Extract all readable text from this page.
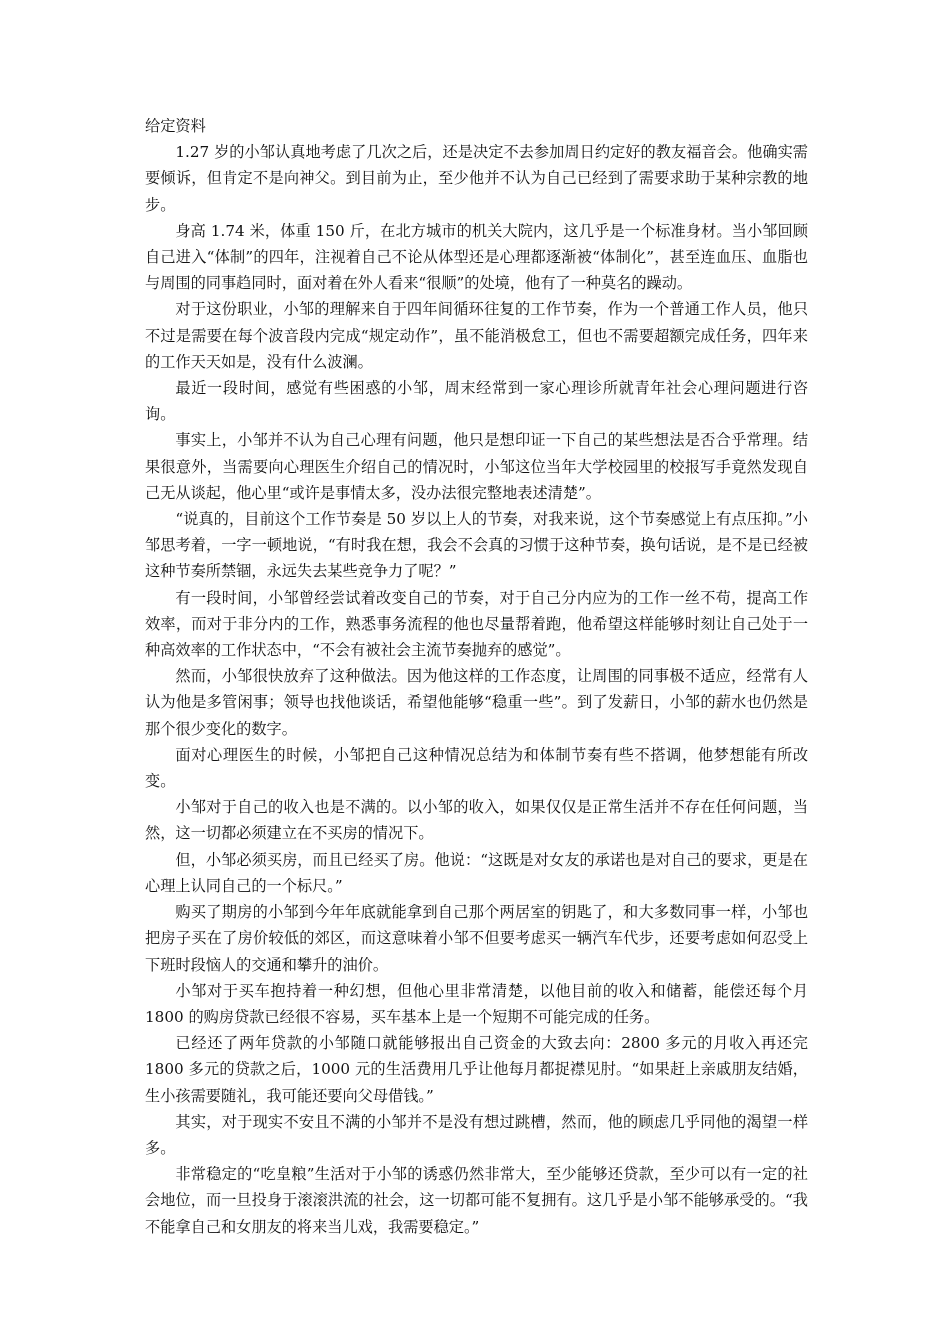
给定资料

1.27 岁的小邹认真地考虑了几次之后，还是决定不去参加周日约定好的教友福音会。他确实需要倾诉，但肯定不是向神父。到目前为止，至少他并不认为自己已经到了需要求助于某种宗教的地步。

身高 1.74 米，体重 150 斤，在北方城市的机关大院内，这几乎是一个标准身材。当小邹回顾自己进入“体制”的四年，注视着自己不论从体型还是心理都逐渐被“体制化”，甚至连血压、血脂也与周围的同事趋同时，面对着在外人看来“很顺”的处境，他有了一种莫名的躁动。

对于这份职业，小邹的理解来自于四年间循环往复的工作节奏，作为一个普通工作人员，他只不过是需要在每个波音段内完成“规定动作”，虽不能消极怠工，但也不需要超额完成任务，四年来的工作天天如是，没有什么波澜。

最近一段时间，感觉有些困惑的小邹，周末经常到一家心理诊所就青年社会心理问题进行咨询。

事实上，小邹并不认为自己心理有问题，他只是想印证一下自己的某些想法是否合乎常理。结果很意外，当需要向心理医生介绍自己的情况时，小邹这位当年大学校园里的校报写手竟然发现自己无从谈起，他心里“或许是事情太多，没办法很完整地表述清楚”。

“说真的，目前这个工作节奏是 50 岁以上人的节奏，对我来说，这个节奏感觉上有点压抑。”小邹思考着，一字一顿地说，“有时我在想，我会不会真的习惯于这种节奏，换句话说，是不是已经被这种节奏所禁锢，永远失去某些竞争力了呢？”

有一段时间，小邹曾经尝试着改变自己的节奏，对于自己分内应为的工作一丝不苟，提高工作效率，而对于非分内的工作，熟悉事务流程的他也尽量帮着跑，他希望这样能够时刻让自己处于一种高效率的工作状态中，“不会有被社会主流节奏抛弃的感觉”。

然而，小邹很快放弃了这种做法。因为他这样的工作态度，让周围的同事极不适应，经常有人认为他是多管闲事；领导也找他谈话，希望他能够“稳重一些”。到了发薪日，小邹的薪水也仍然是那个很少变化的数字。

面对心理医生的时候，小邹把自己这种情况总结为和体制节奏有些不搭调，他梦想能有所改变。

小邹对于自己的收入也是不满的。以小邹的收入，如果仅仅是正常生活并不存在任何问题，当然，这一切都必须建立在不买房的情况下。

但，小邹必须买房，而且已经买了房。他说：“这既是对女友的承诺也是对自己的要求，更是在心理上认同自己的一个标尺。”

购买了期房的小邹到今年年底就能拿到自己那个两居室的钥匙了，和大多数同事一样，小邹也把房子买在了房价较低的郊区，而这意味着小邹不但要考虑买一辆汽车代步，还要考虑如何忍受上下班时段恼人的交通和攀升的油价。

小邹对于买车抱持着一种幻想，但他心里非常清楚，以他目前的收入和储蓄，能偿还每个月 1800 的购房贷款已经很不容易，买车基本上是一个短期不可能完成的任务。

已经还了两年贷款的小邹随口就能够报出自己资金的大致去向：2800 多元的月收入再还完 1800 多元的贷款之后，1000 元的生活费用几乎让他每月都捉襟见肘。“如果赶上亲戚朋友结婚，生小孩需要随礼，我可能还要向父母借钱。”

其实，对于现实不安且不满的小邹并不是没有想过跳槽，然而，他的顾虑几乎同他的渴望一样多。

非常稳定的“吃皇粮”生活对于小邹的诱惑仍然非常大，至少能够还贷款，至少可以有一定的社会地位，而一旦投身于滚滚洪流的社会，这一切都可能不复拥有。这几乎是小邹不能够承受的。“我不能拿自己和女朋友的将来当儿戏，我需要稳定。”
